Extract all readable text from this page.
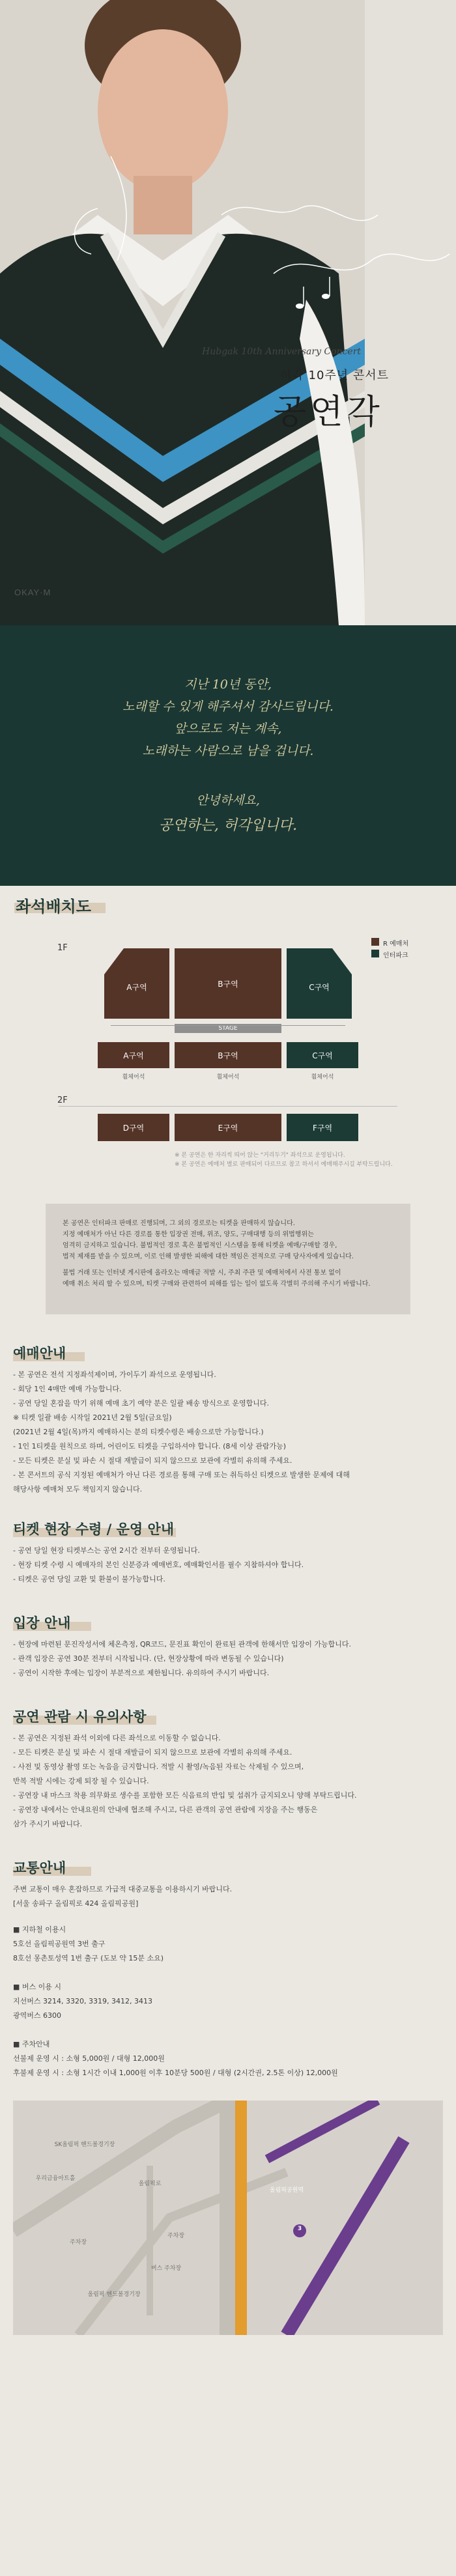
Hubgak 10th Anniversary Concert
허각 10주년 콘서트
공연각
OKAY·M
지난 10년 동안,
노래할 수 있게 해주셔서 감사드립니다.
앞으로도 저는 계속,
노래하는 사람으로 남을 겁니다.
안녕하세요,
공연하는, 허각입니다.
좌석배치도
1F	R 예매처
인터파크
A구역	B구역	C구역
STAGE
A구역	B구역	C구역
휠체어석	휠체어석	휠체어석
2F
D구역	E구역	F구역
※ 본 공연은 한 자리씩 띄어 앉는 "거리두기" 좌석으로 운영됩니다.
※ 본 공연은 예매처 별로 판매되어 다르므로 참고 하셔서 예매해주시길 부탁드립니다.

본 공연은 인터파크 판매로 진행되며, 그 외의 경로로는 티켓을 판매하지 않습니다.

지정 예매처가 아닌 다른 경로를 통한 입장권 전매, 위조, 양도, 구매대행 등의 위법행위는

엄격히 금지하고 있습니다. 불법적인 경로 혹은 불법적인 시스템을 통해 티켓을 예매/구매할 경우,

법적 제재를 받을 수 있으며, 이로 인해 발생한 피해에 대한 책임은 전적으로 구매 당사자에게 있습니다.

불법 거래 또는 인터넷 게시판에 올라오는 매매글 적발 시, 주최 주관 및 예매처에서 사전 통보 없이

예매 취소 처리 할 수 있으며, 티켓 구매와 관련하여 피해를 입는 일이 없도록 각별히 주의해 주시기 바랍니다.

예매안내
- 본 공연은 전석 지정좌석제이며, 가이두기 좌석으로 운영됩니다.
- 회당 1인 4매만 예매 가능합니다.
- 공연 당일 혼잡을 막기 위해 예매 초기 예약 분은 일괄 배송 방식으로 운영합니다.
※ 티켓 일괄 배송 시작일 2021년 2월 5일(금요일)
(2021년 2월 4일(목)까지 예매하시는 분의 티켓수령은 배송으로만 가능합니다.)
- 1인 1티켓을 원칙으로 하며, 어린이도 티켓을 구입하셔야 합니다. (8세 이상 관람가능)
- 모든 티켓은 분실 및 파손 시 절대 재발급이 되지 않으므로 보관에 각별히 유의해 주세요.
- 본 콘서트의 공식 지정된 예매처가 아닌 다른 경로를 통해 구매 또는 취득하신 티켓으로 발생한 문제에 대해
해당사항 예매처 모두 책임지지 않습니다.
티켓 현장 수령 / 운영 안내
- 공연 당일 현장 티켓부스는 공연 2시간 전부터 운영됩니다.
- 현장 티켓 수령 시 예매자의 본인 신분증과 예매번호, 예매확인서를 필수 지참하셔야 합니다.
- 티켓은 공연 당일 교환 및 환불이 불가능합니다.
입장 안내
- 현장에 마련된 문진작성서에 체온측정, QR코드, 문진표 확인이 완료된 관객에 한해서만 입장이 가능합니다.
- 관객 입장은 공연 30분 전부터 시작됩니다. (단, 현장상황에 따라 변동될 수 있습니다)
- 공연이 시작한 후에는 입장이 부분적으로 제한됩니다. 유의하여 주시기 바랍니다.
공연 관람 시 유의사항
- 본 공연은 지정된 좌석 이외에 다른 좌석으로 이동할 수 없습니다.
- 모든 티켓은 분실 및 파손 시 절대 재발급이 되지 않으므로 보관에 각별히 유의해 주세요.
- 사전 및 동영상 촬영 또는 녹음을 금지합니다. 적발 시 촬영/녹음된 자료는 삭제될 수 있으며,
반복 적발 시에는 강제 퇴장 될 수 있습니다.
- 공연장 내 마스크 착용 의무화로 생수를 포함한 모든 식음료의 반입 및 섭취가 금지되오니 양해 부탁드립니다.
- 공연장 내에서는 안내요원의 안내에 협조해 주시고, 다른 관객의 공연 관람에 지장을 주는 행동은
삼가 주시기 바랍니다.
교통안내
주변 교통이 매우 혼잡하므로 가급적 대중교통을 이용하시기 바랍니다.
[서울 송파구 올림픽로 424 올림픽공원]
■ 지하철 이용시
5호선 올림픽공원역 3번 출구
8호선 몽촌토성역 1번 출구 (도보 약 15분 소요)
■ 버스 이용 시
지선버스 3214, 3320, 3319, 3412, 3413
광역버스 6300
■ 주차안내
선불제 운영 시 : 소형 5,000원 / 대형 12,000원
후불제 운영 시 : 소형 1시간 이내 1,000원 이후 10분당 500원 / 대형 (2시간권, 2.5톤 이상) 12,000원
올림픽로
SK올림픽 핸드볼경기장
우리금융아트홀
주차장
주차장
버스 주차장
올림픽 헨드볼경기장
올림픽공원역
3
